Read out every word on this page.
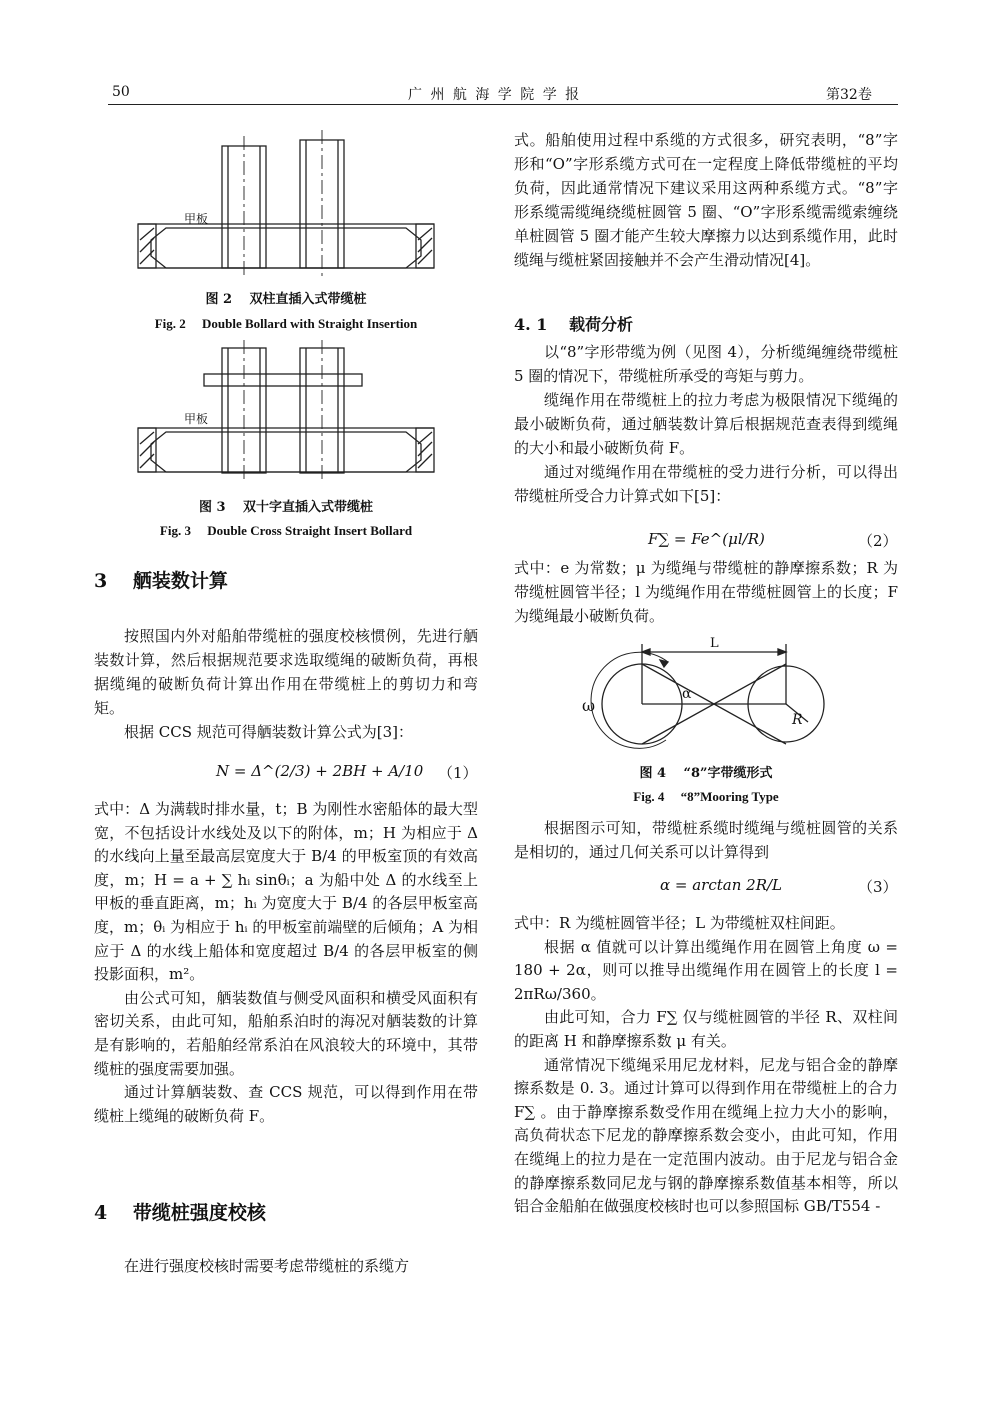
50	广 州 航 海 学 院 学 报	第32卷
甲板
图 2　 双柱直插入式带缆桩
Fig. 2　 Double Bollard with Straight Insertion
甲板
图 3　 双十字直插入式带缆桩
Fig. 3　 Double Cross Straight Insert Bollard
3　 舾装数计算

按照国内外对船舶带缆桩的强度校核惯例，先进行舾装数计算，然后根据规范要求选取缆绳的破断负荷，再根据缆绳的破断负荷计算出作用在带缆桩上的剪切力和弯矩。

根据 CCS 规范可得舾装数计算公式为[3]：

N = Δ^(2/3) + 2BH + A/10 （1）

式中：Δ 为满载时排水量，t；B 为刚性水密船体的最大型宽，不包括设计水线处及以下的附体，m；H 为相应于 Δ 的水线向上量至最高层宽度大于 B/4 的甲板室顶的有效高度，m；H = a + ∑ hᵢ sinθᵢ；a 为船中处 Δ 的水线至上甲板的垂直距离，m；hᵢ 为宽度大于 B/4 的各层甲板室高度，m；θᵢ 为相应于 hᵢ 的甲板室前端壁的后倾角；A 为相应于 Δ 的水线上船体和宽度超过 B/4 的各层甲板室的侧投影面积，m²。

由公式可知，舾装数值与侧受风面积和横受风面积有密切关系，由此可知，船舶系泊时的海况对舾装数的计算是有影响的，若船舶经常系泊在风浪较大的环境中，其带缆桩的强度需要加强。

通过计算舾装数、查 CCS 规范，可以得到作用在带缆桩上缆绳的破断负荷 F。

4　 带缆桩强度校核

在进行强度校核时需要考虑带缆桩的系缆方

式。船舶使用过程中系缆的方式很多，研究表明，“8”字形和“O”字形系缆方式可在一定程度上降低带缆桩的平均负荷，因此通常情况下建议采用这两种系缆方式。“8”字形系缆需缆绳绕缆桩圆管 5 圈、“O”字形系缆需缆索缠绕单桩圆管 5 圈才能产生较大摩擦力以达到系缆作用，此时缆绳与缆桩紧固接触并不会产生滑动情况[4]。

4. 1　 载荷分析

以“8”字形带缆为例（见图 4），分析缆绳缠绕带缆桩 5 圈的情况下，带缆桩所承受的弯矩与剪力。

缆绳作用在带缆桩上的拉力考虑为极限情况下缆绳的最小破断负荷，通过舾装数计算后根据规范查表得到缆绳的大小和最小破断负荷 F。

通过对缆绳作用在带缆桩的受力进行分析，可以得出带缆桩所受合力计算式如下[5]：

F∑ = Fe^(μl/R)	（2）

式中：e 为常数；μ 为缆绳与带缆桩的静摩擦系数；R 为带缆桩圆管半径；l 为缆绳作用在带缆桩圆管上的长度；F 为缆绳最小破断负荷。

L
α
ω
R
图 4　 “8”字带缆形式
Fig. 4　 “8”Mooring Type

根据图示可知，带缆桩系缆时缆绳与缆桩圆管的关系是相切的，通过几何关系可以计算得到

α = arctan 2R/L	（3）

式中：R 为缆桩圆管半径；L 为带缆桩双柱间距。

根据 α 值就可以计算出缆绳作用在圆管上角度 ω = 180 + 2α，则可以推导出缆绳作用在圆管上的长度 l = 2πRω/360。

由此可知，合力 F∑ 仅与缆桩圆管的半径 R、双柱间的距离 H 和静摩擦系数 μ 有关。

通常情况下缆绳采用尼龙材料，尼龙与铝合金的静摩擦系数是 0. 3。通过计算可以得到作用在带缆桩上的合力 F∑ 。由于静摩擦系数受作用在缆绳上拉力大小的影响，高负荷状态下尼龙的静摩擦系数会变小，由此可知，作用在缆绳上的拉力是在一定范围内波动。由于尼龙与铝合金的静摩擦系数同尼龙与钢的静摩擦系数值基本相等，所以铝合金船舶在做强度校核时也可以参照国标 GB/T554 -
